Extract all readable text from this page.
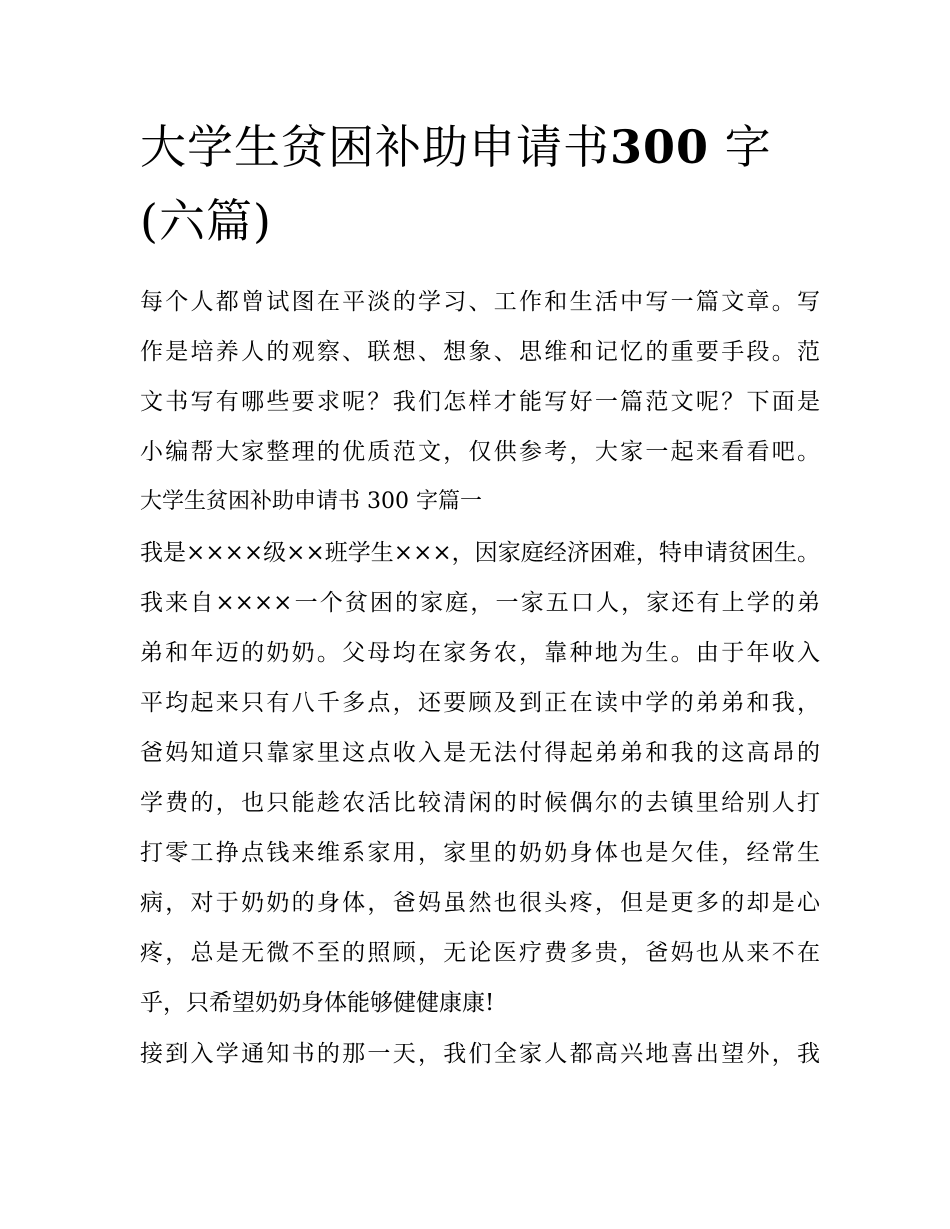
大学生贫困补助申请书300 字
(六篇)

每个人都曾试图在平淡的学习、工作和生活中写一篇文章。写

作是培养人的观察、联想、想象、思维和记忆的重要手段。范

文书写有哪些要求呢？我们怎样才能写好一篇范文呢？下面是

小编帮大家整理的优质范文，仅供参考，大家一起来看看吧。

大学生贫困补助申请书 300 字篇一

我是××××级××班学生×××，因家庭经济困难，特申请贫困生。

我来自××××一个贫困的家庭，一家五口人，家还有上学的弟

弟和年迈的奶奶。父母均在家务农，靠种地为生。由于年收入

平均起来只有八千多点，还要顾及到正在读中学的弟弟和我，

爸妈知道只靠家里这点收入是无法付得起弟弟和我的这高昂的

学费的，也只能趁农活比较清闲的时候偶尔的去镇里给别人打

打零工挣点钱来维系家用，家里的奶奶身体也是欠佳，经常生

病，对于奶奶的身体，爸妈虽然也很头疼，但是更多的却是心

疼，总是无微不至的照顾，无论医疗费多贵，爸妈也从来不在

乎，只希望奶奶身体能够健健康康!

接到入学通知书的那一天，我们全家人都高兴地喜出望外，我
